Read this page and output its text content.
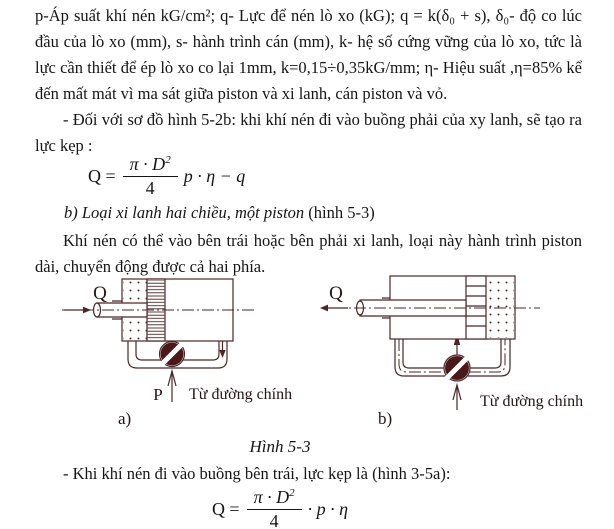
p-Áp suất khí nén kG/cm²; q- Lực để nén lò xo (kG); q = k(δ₀ + s), δ₀- độ co lúc đầu của lò xo (mm), s- hành trình cán (mm), k- hệ số cứng vững của lò xo, tức là lực cần thiết để ép lò xo co lại 1mm, k=0,15÷0,35kG/mm; η- Hiệu suất ,η=85% kể đến mất mát vì ma sát giữa piston và xi lanh, cán piston và vỏ.

- Đối với sơ đồ hình 5-2b: khi khí nén đi vào buồng phải của xy lanh, sẽ tạo ra lực kẹp :

$Q = \frac{\pi \cdot D^2}{4}$ p · η − q

b) Loại xi lanh hai chiều, một piston (hình 5-3)

Khí nén có thể vào bên trái hoặc bên phải xi lanh, loại này hành trình piston dài, chuyển động được cả hai phía.

Q
P Từ đường chính
a)
Q
Từ đường chính
b)

Hình 5-3

- Khi khí nén đi vào buồng bên trái, lực kẹp là (hình 3-5a):

$Q = \frac{\pi \cdot D^2}{4} \cdot p \cdot \eta$
